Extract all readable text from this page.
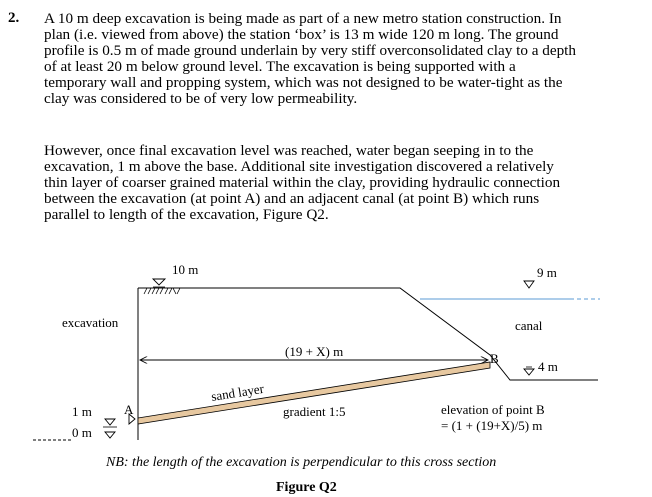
2. A 10 m deep excavation is being made as part of a new metro station construction. In
plan (i.e. viewed from above) the station ‘box’ is 13 m wide 120 m long. The ground
profile is 0.5 m of made ground underlain by very stiff overconsolidated clay to a depth
of at least 20 m below ground level. The excavation is being supported with a
temporary wall and propping system, which was not designed to be water-tight as the
clay was considered to be of very low permeability.
However, once final excavation level was reached, water began seeping in to the
excavation, 1 m above the base. Additional site investigation discovered a relatively
thin layer of coarser grained material within the clay, providing hydraulic connection
between the excavation (at point A) and an adjacent canal (at point B) which runs
parallel to length of the excavation, Figure Q2.
10 m	9 m
excavation	canal
(19 + X) m	B
4 m
sand layer
gradient 1:5
1 m
0 m
A	elevation of point B
= (1 + (19+X)/5) m
NB: the length of the excavation is perpendicular to this cross section
Figure Q2
